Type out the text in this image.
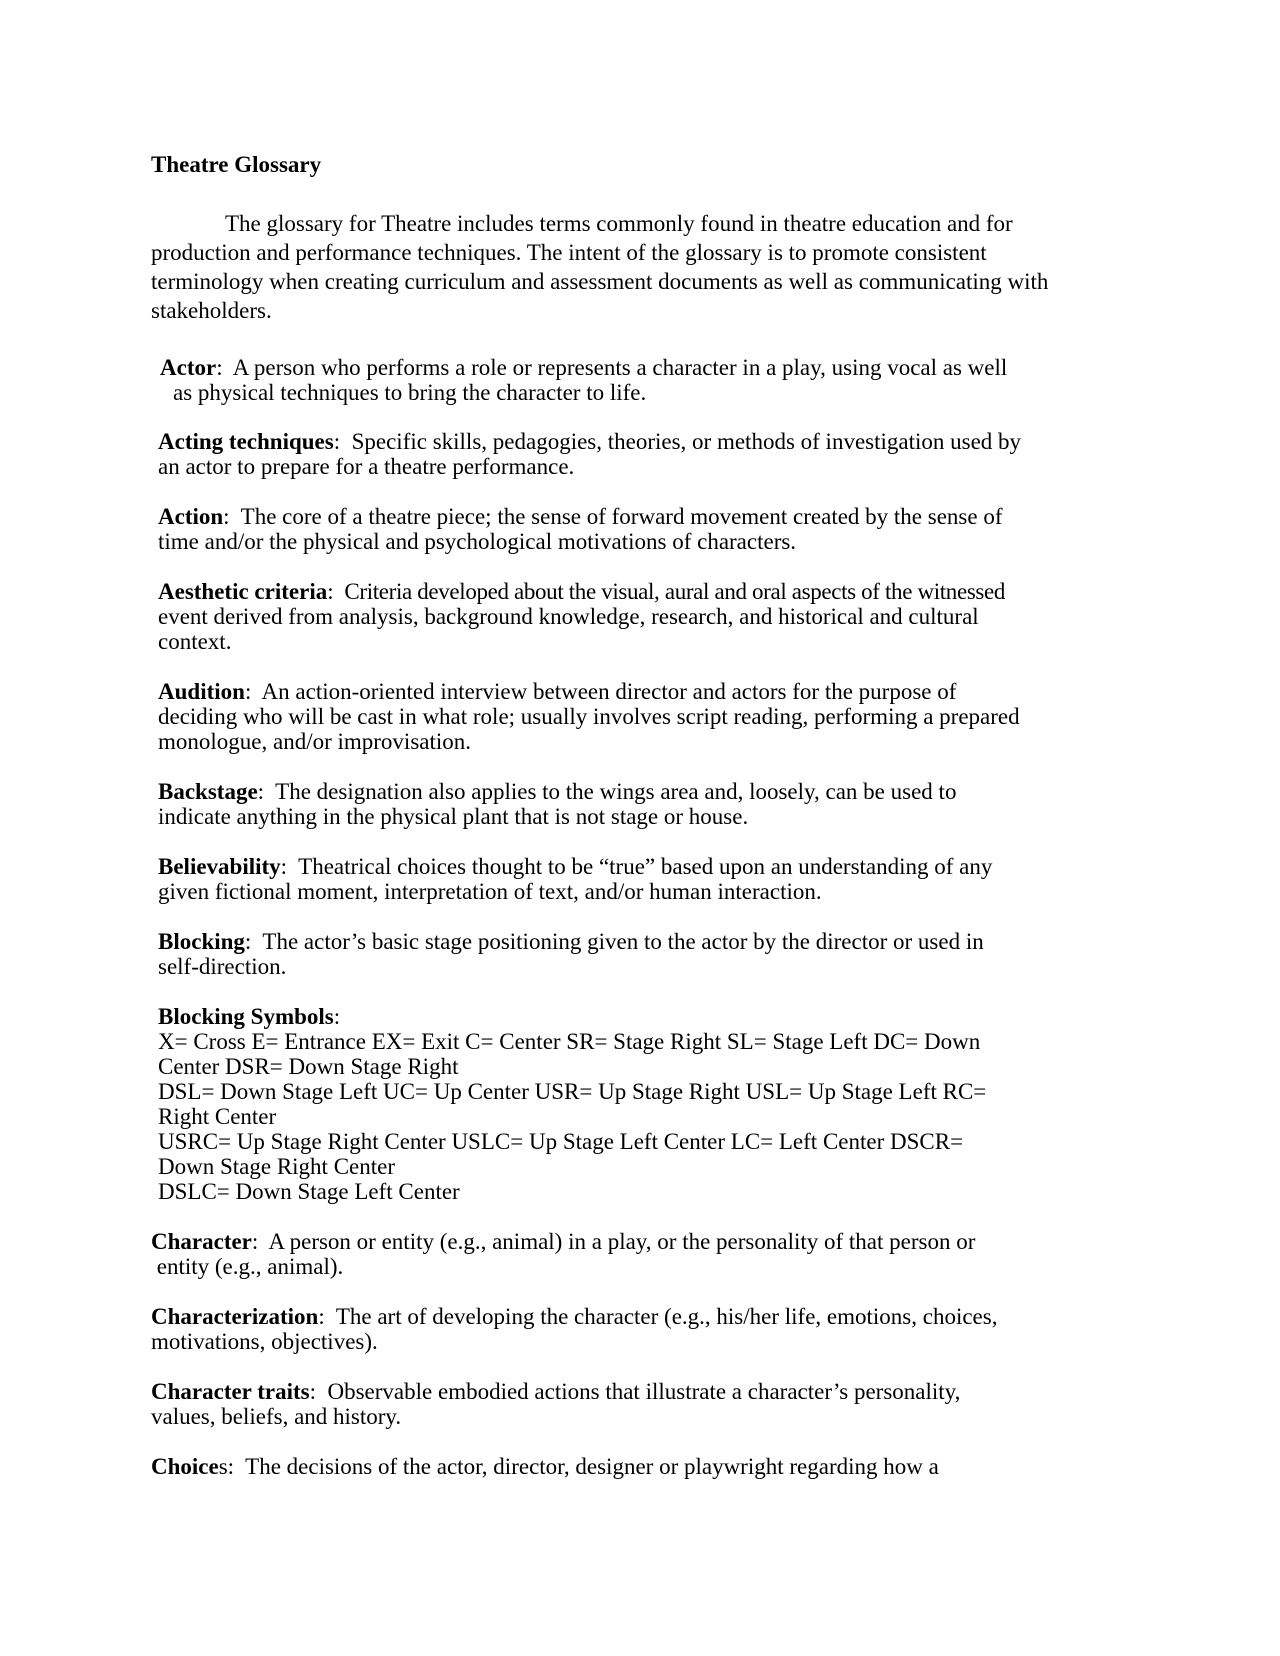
Theatre Glossary
The glossary for Theatre includes terms commonly found in theatre education and for production and performance techniques. The intent of the glossary is to promote consistent terminology when creating curriculum and assessment documents as well as communicating with stakeholders.
Actor:  A person who performs a role or represents a character in a play, using vocal as well
as physical techniques to bring the character to life.
Acting techniques:  Specific skills, pedagogies, theories, or methods of investigation used by
an actor to prepare for a theatre performance.
Action:  The core of a theatre piece; the sense of forward movement created by the sense of
time and/or the physical and psychological motivations of characters.
Aesthetic criteria:  Criteria developed about the visual, aural and oral aspects of the witnessed
event derived from analysis, background knowledge, research, and historical and cultural
context.
Audition:  An action-oriented interview between director and actors for the purpose of
deciding who will be cast in what role; usually involves script reading, performing a prepared
monologue, and/or improvisation.
Backstage:  The designation also applies to the wings area and, loosely, can be used to
indicate anything in the physical plant that is not stage or house.
Believability:  Theatrical choices thought to be “true” based upon an understanding of any
given fictional moment, interpretation of text, and/or human interaction.
Blocking:  The actor’s basic stage positioning given to the actor by the director or used in
self-direction.
Blocking Symbols:
X= Cross E= Entrance EX= Exit C= Center SR= Stage Right SL= Stage Left DC= Down
Center DSR= Down Stage Right
DSL= Down Stage Left UC= Up Center USR= Up Stage Right USL= Up Stage Left RC=
Right Center
USRC= Up Stage Right Center USLC= Up Stage Left Center LC= Left Center DSCR=
Down Stage Right Center
DSLC= Down Stage Left Center
Character:  A person or entity (e.g., animal) in a play, or the personality of that person or
entity (e.g., animal).
Characterization:  The art of developing the character (e.g., his/her life, emotions, choices,
motivations, objectives).
Character traits:  Observable embodied actions that illustrate a character’s personality,
values, beliefs, and history.
Choices:  The decisions of the actor, director, designer or playwright regarding how a
